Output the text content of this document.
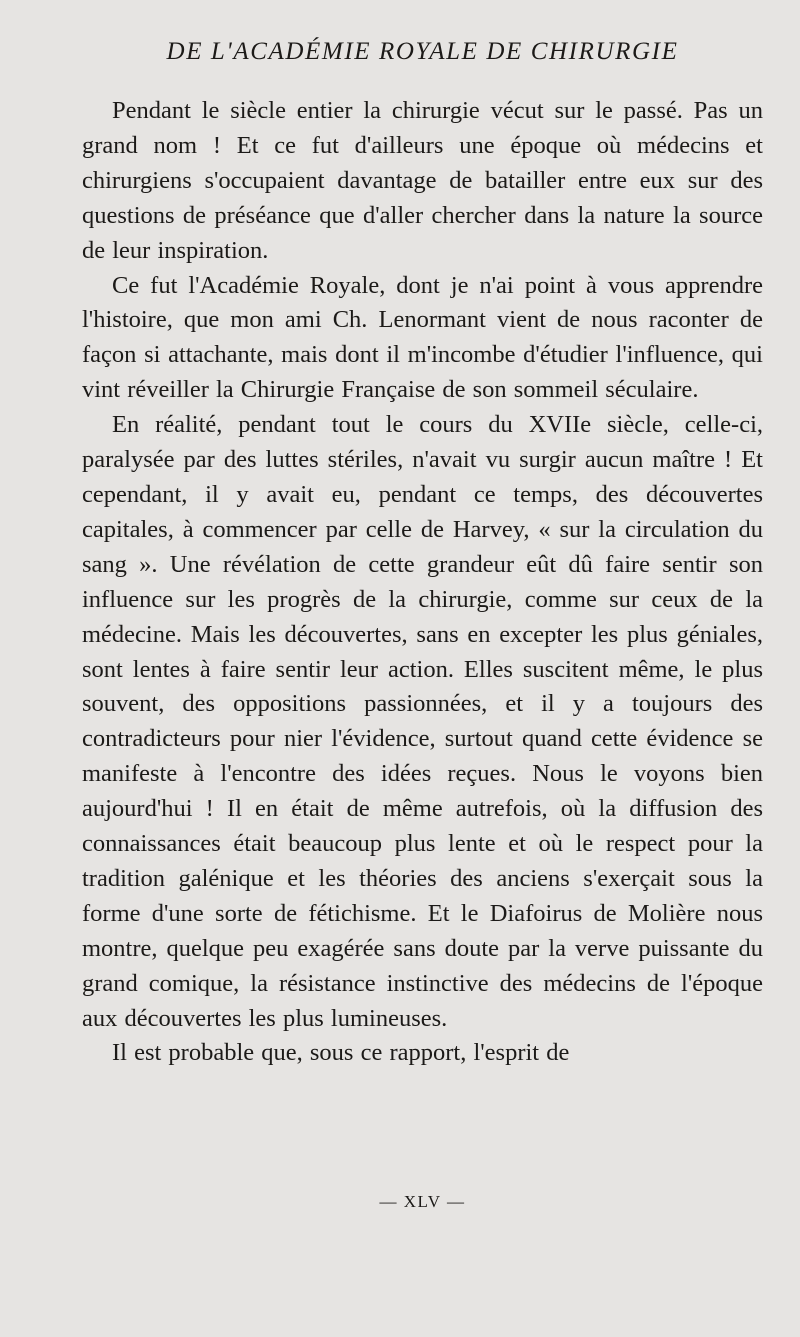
DE L'ACADÉMIE ROYALE DE CHIRURGIE

Pendant le siècle entier la chirurgie vécut sur le passé. Pas un grand nom ! Et ce fut d'ailleurs une époque où médecins et chirurgiens s'occupaient davantage de batailler entre eux sur des questions de préséance que d'aller chercher dans la nature la source de leur inspiration.

Ce fut l'Académie Royale, dont je n'ai point à vous apprendre l'histoire, que mon ami Ch. Lenormant vient de nous raconter de façon si attachante, mais dont il m'incombe d'étudier l'influence, qui vint réveiller la Chirurgie Française de son sommeil séculaire.

En réalité, pendant tout le cours du XVIIe siècle, celle-ci, paralysée par des luttes stériles, n'avait vu surgir aucun maître ! Et cependant, il y avait eu, pendant ce temps, des découvertes capitales, à commencer par celle de Harvey, « sur la circulation du sang ». Une révélation de cette grandeur eût dû faire sentir son influence sur les progrès de la chirurgie, comme sur ceux de la médecine. Mais les découvertes, sans en excepter les plus géniales, sont lentes à faire sentir leur action. Elles suscitent même, le plus souvent, des oppositions passionnées, et il y a toujours des contradicteurs pour nier l'évidence, surtout quand cette évidence se manifeste à l'encontre des idées reçues. Nous le voyons bien aujourd'hui ! Il en était de même autrefois, où la diffusion des connaissances était beaucoup plus lente et où le respect pour la tradition galénique et les théories des anciens s'exerçait sous la forme d'une sorte de fétichisme. Et le Diafoirus de Molière nous montre, quelque peu exagérée sans doute par la verve puissante du grand comique, la résistance instinctive des médecins de l'époque aux découvertes les plus lumineuses.

Il est probable que, sous ce rapport, l'esprit de

— XLV —
